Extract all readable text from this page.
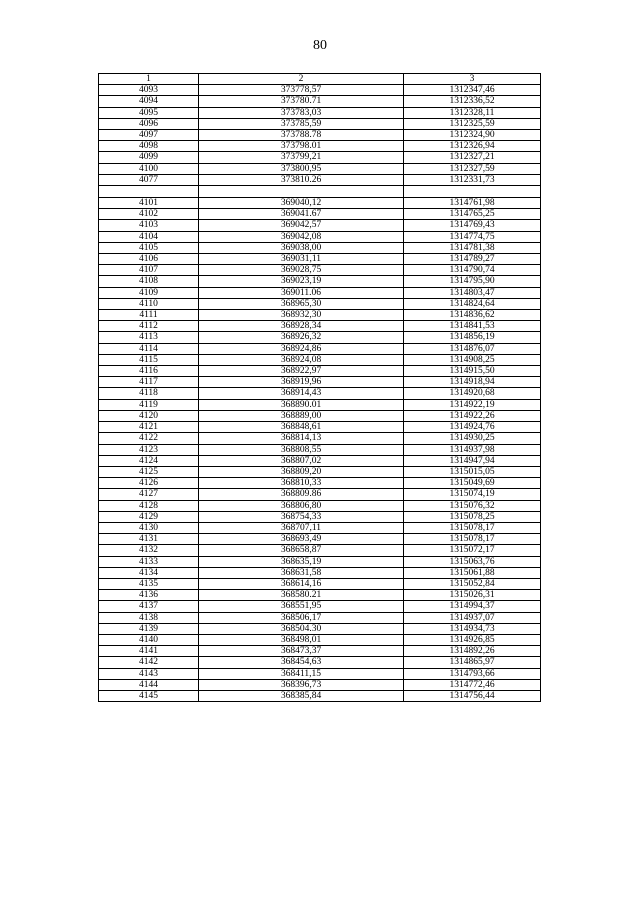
80
1	2	3
4093	373778,57	1312347,46
4094	373780.71	1312336,52
4095	373783,03	1312328,11
4096	373785,59	1312325,59
4097	373788.78	1312324,90
4098	373798.01	1312326,94
4099	373799,21	1312327,21
4100	373800,95	1312327,59
4077	373810.26	1312331,73

4101	369040,12	1314761,98
4102	369041.67	1314765,25
4103	369042,57	1314769,43
4104	369042,08	1314774,75
4105	369038,00	1314781,38
4106	369031,11	1314789,27
4107	369028,75	1314790,74
4108	369023,19	1314795,90
4109	369011.06	1314803,47
4110	368965,30	1314824,64
4111	368932,30	1314836,62
4112	368928,34	1314841,53
4113	368926,32	1314856,19
4114	368924,86	1314876,07
4115	368924,08	1314908,25
4116	368922,97	1314915,50
4117	368919,96	1314918,94
4118	368914,43	1314920,68
4119	368890.01	1314922,19
4120	368889,00	1314922,26
4121	368848,61	1314924,76
4122	368814,13	1314930,25
4123	368808,55	1314937,98
4124	368807,02	1314947,94
4125	368809,20	1315015,05
4126	368810,33	1315049,69
4127	368809.86	1315074,19
4128	368806,80	1315076,32
4129	368754,33	1315078,25
4130	368707,11	1315078,17
4131	368693,49	1315078,17
4132	368658,87	1315072,17
4133	368635,19	1315063,76
4134	368631,58	1315061,88
4135	368614,16	1315052,84
4136	368580.21	1315026,31
4137	368551,95	1314994,37
4138	368506,17	1314937,07
4139	368504.30	1314934,73
4140	368498,01	1314926,85
4141	368473,37	1314892,26
4142	368454,63	1314865,97
4143	368411,15	1314793,66
4144	368396,73	1314772,46
4145	368385,84	1314756,44
